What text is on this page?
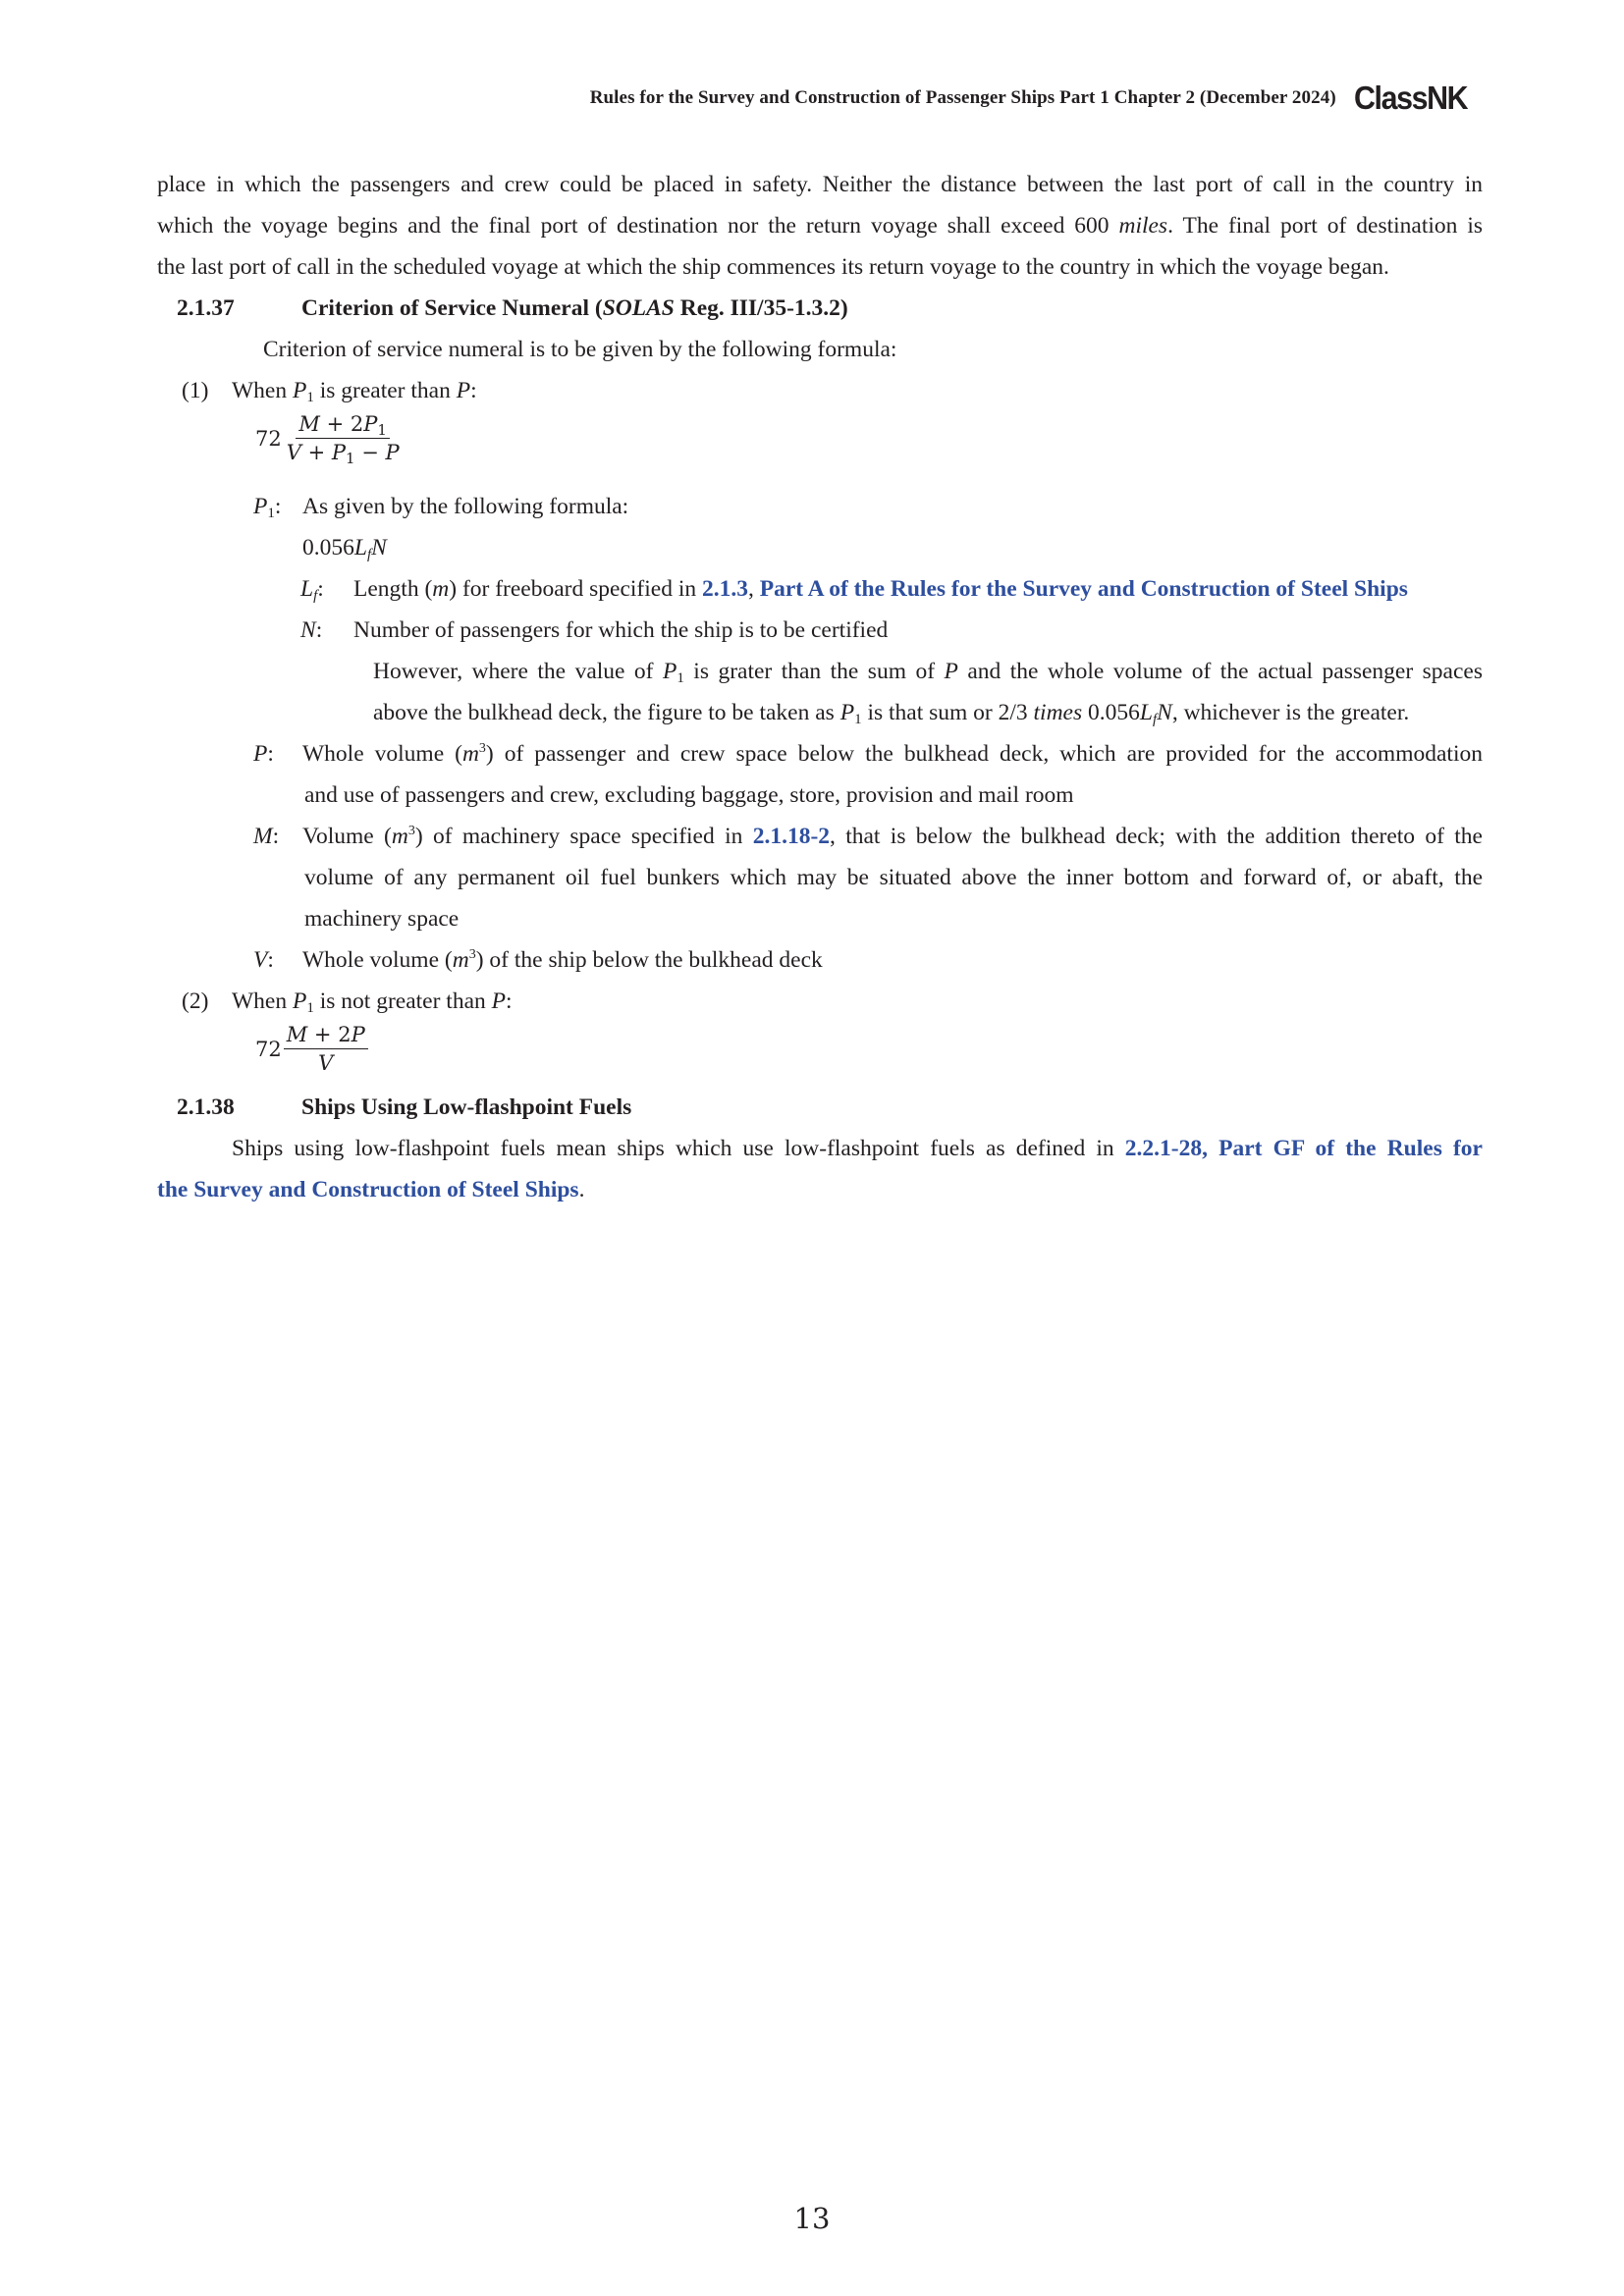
Rules for the Survey and Construction of Passenger Ships Part 1 Chapter 2 (December 2024) ClassNK
place in which the passengers and crew could be placed in safety. Neither the distance between the last port of call in the country in
which the voyage begins and the final port of destination nor the return voyage shall exceed 600 miles. The final port of destination is
the last port of call in the scheduled voyage at which the ship commences its return voyage to the country in which the voyage began.
2.1.37	Criterion of Service Numeral (SOLAS Reg. III/35-1.3.2)
Criterion of service numeral is to be given by the following formula:
(1) When $P_1$ is greater than P:
$72 \frac{M + 2P_1}{V + P_1 - P}$
$P_1$: As given by the following formula:
$0.056L_fN$
$L_f$: Length (m) for freeboard specified in 2.1.3, Part A of the Rules for the Survey and Construction of Steel Ships
N: Number of passengers for which the ship is to be certified
However, where the value of $P_1$ is grater than the sum of P and the whole volume of the actual passenger spaces
above the bulkhead deck, the figure to be taken as $P_1$ is that sum or 2/3 times $0.056L_fN$, whichever is the greater.
P: Whole volume $(m^3)$ of passenger and crew space below the bulkhead deck, which are provided for the accommodation
and use of passengers and crew, excluding baggage, store, provision and mail room
M: Volume $(m^3)$ of machinery space specified in 2.1.18-2, that is below the bulkhead deck; with the addition thereto of the
volume of any permanent oil fuel bunkers which may be situated above the inner bottom and forward of, or abaft, the
machinery space
V: Whole volume $(m^3)$ of the ship below the bulkhead deck
(2) When $P_1$ is not greater than P:
$72 \frac{M + 2P}{V}$
2.1.38	Ships Using Low-flashpoint Fuels
Ships using low-flashpoint fuels mean ships which use low-flashpoint fuels as defined in 2.2.1-28, Part GF of the Rules for
the Survey and Construction of Steel Ships.
13
